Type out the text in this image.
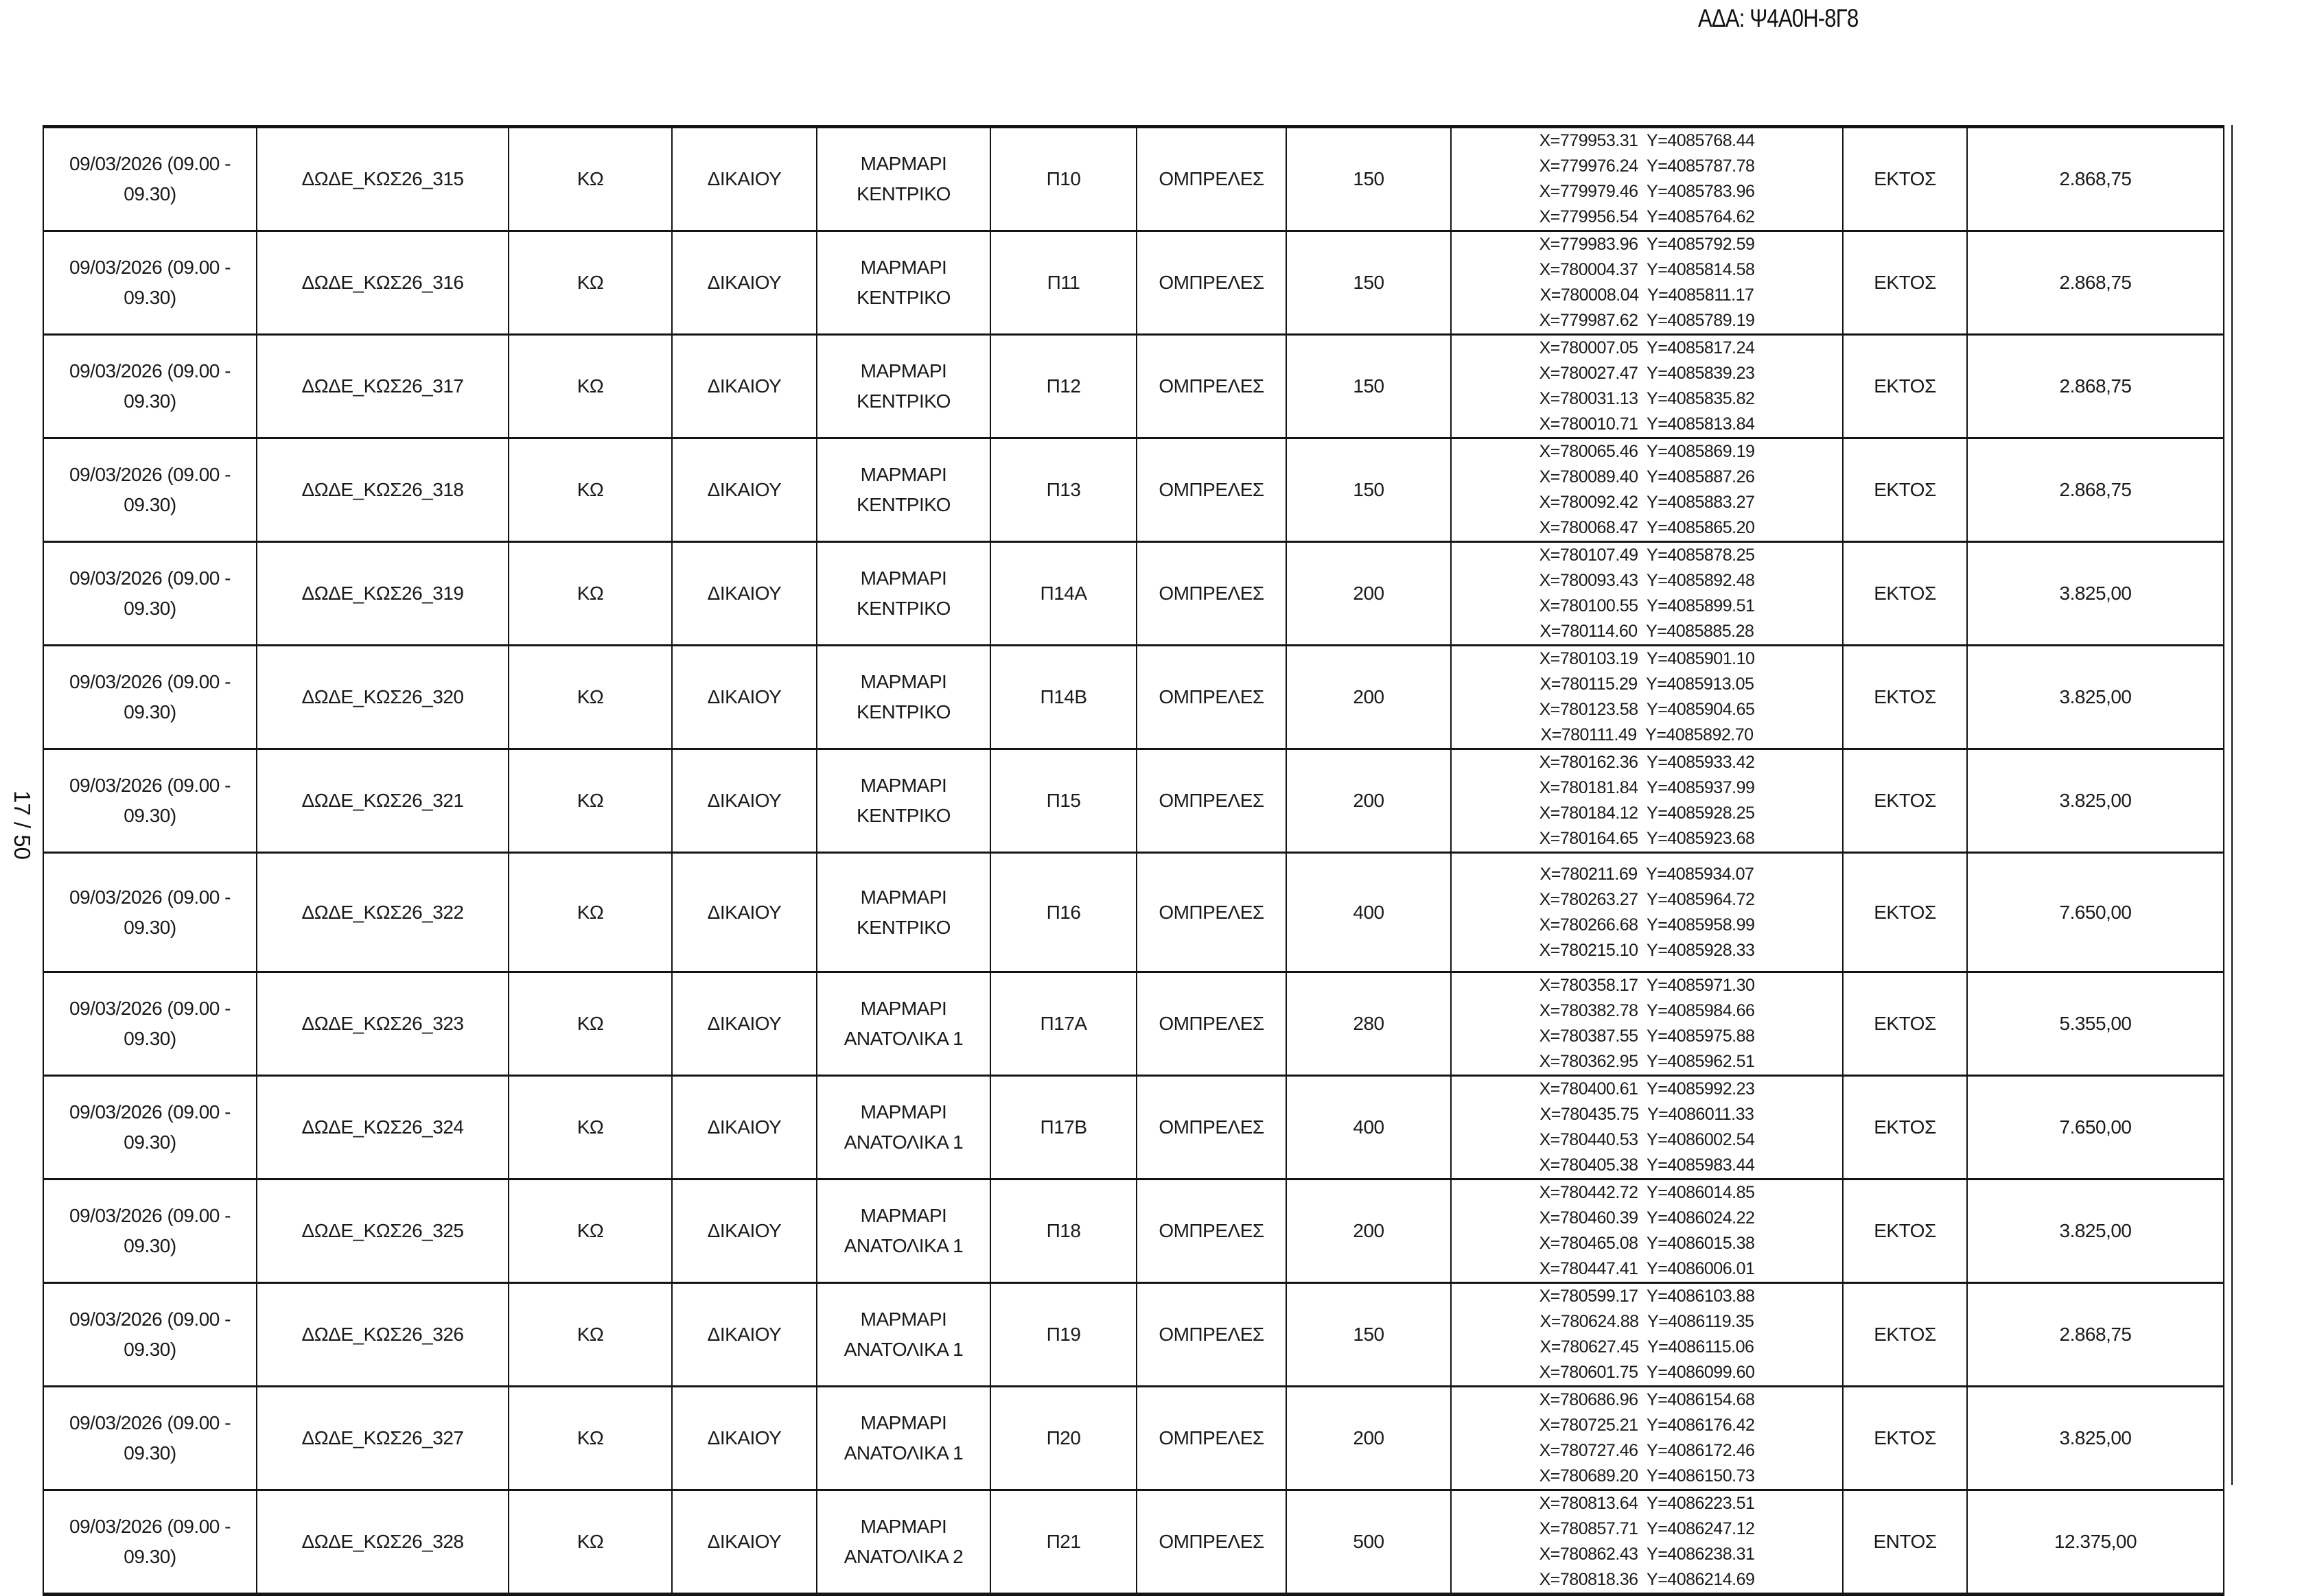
ΑΔΑ: Ψ4Α0Η-8Γ8
17 / 50
09/03/2026 (09.00 -
09.30)
	ΔΩΔΕ_ΚΩΣ26_315	ΚΩ	ΔΙΚΑΙΟΥ	
ΜΑΡΜΑΡΙ
ΚΕΝΤΡΙΚΟ
	Π10	ΟΜΠΡΕΛΕΣ	150	
X=779953.31  Y=4085768.44
X=779976.24  Y=4085787.78
X=779979.46  Y=4085783.96
X=779956.54  Y=4085764.62
	ΕΚΤΟΣ	2.868,75

09/03/2026 (09.00 -
09.30)
	ΔΩΔΕ_ΚΩΣ26_316	ΚΩ	ΔΙΚΑΙΟΥ	
ΜΑΡΜΑΡΙ
ΚΕΝΤΡΙΚΟ
	Π11	ΟΜΠΡΕΛΕΣ	150	
X=779983.96  Y=4085792.59
X=780004.37  Y=4085814.58
X=780008.04  Y=4085811.17
X=779987.62  Y=4085789.19
	ΕΚΤΟΣ	2.868,75

09/03/2026 (09.00 -
09.30)
	ΔΩΔΕ_ΚΩΣ26_317	ΚΩ	ΔΙΚΑΙΟΥ	
ΜΑΡΜΑΡΙ
ΚΕΝΤΡΙΚΟ
	Π12	ΟΜΠΡΕΛΕΣ	150	
X=780007.05  Y=4085817.24
X=780027.47  Y=4085839.23
X=780031.13  Y=4085835.82
X=780010.71  Y=4085813.84
	ΕΚΤΟΣ	2.868,75

09/03/2026 (09.00 -
09.30)
	ΔΩΔΕ_ΚΩΣ26_318	ΚΩ	ΔΙΚΑΙΟΥ	
ΜΑΡΜΑΡΙ
ΚΕΝΤΡΙΚΟ
	Π13	ΟΜΠΡΕΛΕΣ	150	
X=780065.46  Y=4085869.19
X=780089.40  Y=4085887.26
X=780092.42  Y=4085883.27
X=780068.47  Y=4085865.20
	ΕΚΤΟΣ	2.868,75

09/03/2026 (09.00 -
09.30)
	ΔΩΔΕ_ΚΩΣ26_319	ΚΩ	ΔΙΚΑΙΟΥ	
ΜΑΡΜΑΡΙ
ΚΕΝΤΡΙΚΟ
	Π14Α	ΟΜΠΡΕΛΕΣ	200	
X=780107.49  Y=4085878.25
X=780093.43  Y=4085892.48
X=780100.55  Y=4085899.51
X=780114.60  Y=4085885.28
	ΕΚΤΟΣ	3.825,00

09/03/2026 (09.00 -
09.30)
	ΔΩΔΕ_ΚΩΣ26_320	ΚΩ	ΔΙΚΑΙΟΥ	
ΜΑΡΜΑΡΙ
ΚΕΝΤΡΙΚΟ
	Π14Β	ΟΜΠΡΕΛΕΣ	200	
X=780103.19  Y=4085901.10
X=780115.29  Y=4085913.05
X=780123.58  Y=4085904.65
X=780111.49  Y=4085892.70
	ΕΚΤΟΣ	3.825,00

09/03/2026 (09.00 -
09.30)
	ΔΩΔΕ_ΚΩΣ26_321	ΚΩ	ΔΙΚΑΙΟΥ	
ΜΑΡΜΑΡΙ
ΚΕΝΤΡΙΚΟ
	Π15	ΟΜΠΡΕΛΕΣ	200	
X=780162.36  Y=4085933.42
X=780181.84  Y=4085937.99
X=780184.12  Y=4085928.25
X=780164.65  Y=4085923.68
	ΕΚΤΟΣ	3.825,00

09/03/2026 (09.00 -
09.30)
	ΔΩΔΕ_ΚΩΣ26_322	ΚΩ	ΔΙΚΑΙΟΥ	
ΜΑΡΜΑΡΙ
ΚΕΝΤΡΙΚΟ
	Π16	ΟΜΠΡΕΛΕΣ	400	
X=780211.69  Y=4085934.07
X=780263.27  Y=4085964.72
X=780266.68  Y=4085958.99
X=780215.10  Y=4085928.33
	ΕΚΤΟΣ	7.650,00

09/03/2026 (09.00 -
09.30)
	ΔΩΔΕ_ΚΩΣ26_323	ΚΩ	ΔΙΚΑΙΟΥ	
ΜΑΡΜΑΡΙ
ΑΝΑΤΟΛΙΚΑ 1
	Π17Α	ΟΜΠΡΕΛΕΣ	280	
X=780358.17  Y=4085971.30
X=780382.78  Y=4085984.66
X=780387.55  Y=4085975.88
X=780362.95  Y=4085962.51
	ΕΚΤΟΣ	5.355,00

09/03/2026 (09.00 -
09.30)
	ΔΩΔΕ_ΚΩΣ26_324	ΚΩ	ΔΙΚΑΙΟΥ	
ΜΑΡΜΑΡΙ
ΑΝΑΤΟΛΙΚΑ 1
	Π17Β	ΟΜΠΡΕΛΕΣ	400	
X=780400.61  Y=4085992.23
X=780435.75  Y=4086011.33
X=780440.53  Y=4086002.54
X=780405.38  Y=4085983.44
	ΕΚΤΟΣ	7.650,00

09/03/2026 (09.00 -
09.30)
	ΔΩΔΕ_ΚΩΣ26_325	ΚΩ	ΔΙΚΑΙΟΥ	
ΜΑΡΜΑΡΙ
ΑΝΑΤΟΛΙΚΑ 1
	Π18	ΟΜΠΡΕΛΕΣ	200	
X=780442.72  Y=4086014.85
X=780460.39  Y=4086024.22
X=780465.08  Y=4086015.38
X=780447.41  Y=4086006.01
	ΕΚΤΟΣ	3.825,00

09/03/2026 (09.00 -
09.30)
	ΔΩΔΕ_ΚΩΣ26_326	ΚΩ	ΔΙΚΑΙΟΥ	
ΜΑΡΜΑΡΙ
ΑΝΑΤΟΛΙΚΑ 1
	Π19	ΟΜΠΡΕΛΕΣ	150	
X=780599.17  Y=4086103.88
X=780624.88  Y=4086119.35
X=780627.45  Y=4086115.06
X=780601.75  Y=4086099.60
	ΕΚΤΟΣ	2.868,75

09/03/2026 (09.00 -
09.30)
	ΔΩΔΕ_ΚΩΣ26_327	ΚΩ	ΔΙΚΑΙΟΥ	
ΜΑΡΜΑΡΙ
ΑΝΑΤΟΛΙΚΑ 1
	Π20	ΟΜΠΡΕΛΕΣ	200	
X=780686.96  Y=4086154.68
X=780725.21  Y=4086176.42
X=780727.46  Y=4086172.46
X=780689.20  Y=4086150.73
	ΕΚΤΟΣ	3.825,00

09/03/2026 (09.00 -
09.30)
	ΔΩΔΕ_ΚΩΣ26_328	ΚΩ	ΔΙΚΑΙΟΥ	
ΜΑΡΜΑΡΙ
ΑΝΑΤΟΛΙΚΑ 2
	Π21	ΟΜΠΡΕΛΕΣ	500	
X=780813.64  Y=4086223.51
X=780857.71  Y=4086247.12
X=780862.43  Y=4086238.31
X=780818.36  Y=4086214.69
	ΕΝΤΟΣ	12.375,00
